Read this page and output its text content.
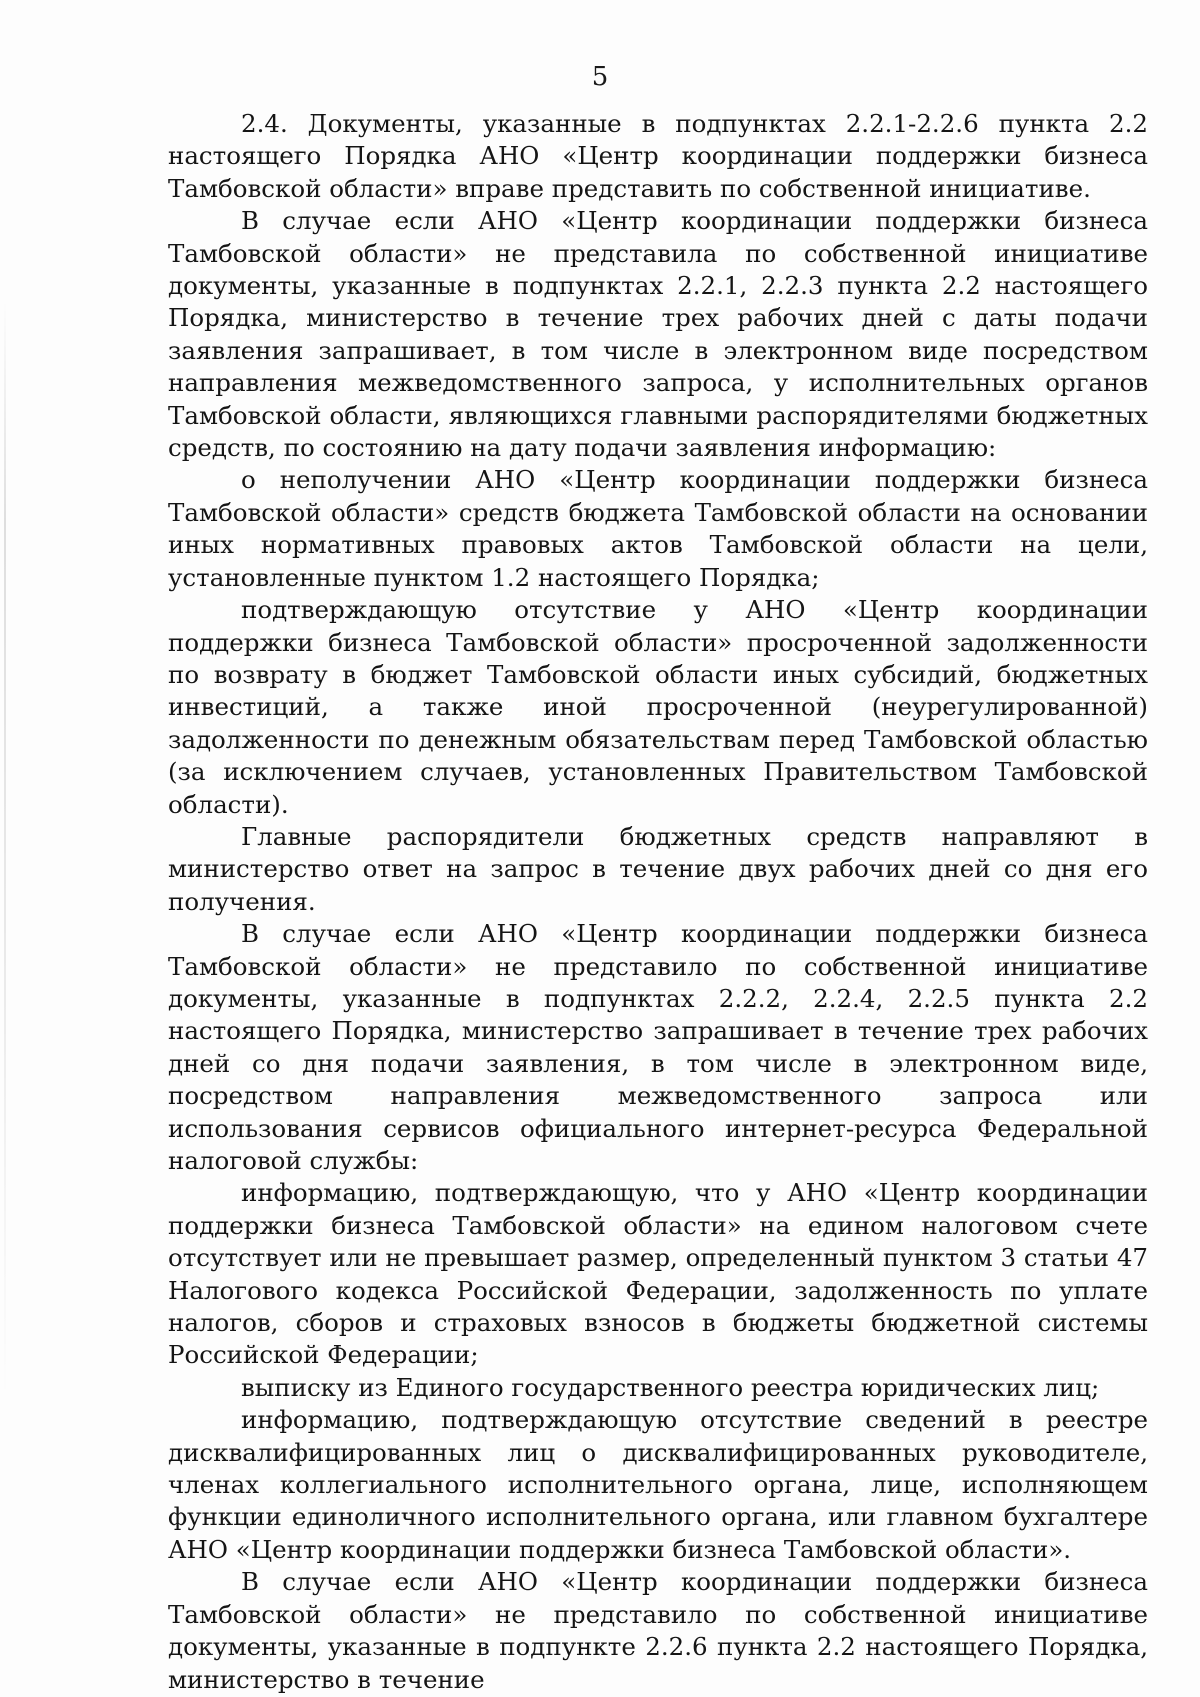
5

2.4. Документы, указанные в подпунктах 2.2.1-2.2.6 пункта 2.2 настоящего Порядка АНО «Центр координации поддержки бизнеса Тамбовской области» вправе представить по собственной инициативе.

В случае если АНО «Центр координации поддержки бизнеса Тамбовской области» не представила по собственной инициативе документы, указанные в подпунктах 2.2.1, 2.2.3 пункта 2.2 настоящего Порядка, министерство в течение трех рабочих дней с даты подачи заявления запрашивает, в том числе в электронном виде посредством направления межведомственного запроса, у исполнительных органов Тамбовской области, являющихся главными распорядителями бюджетных средств, по состоянию на дату подачи заявления информацию:

о неполучении АНО «Центр координации поддержки бизнеса Тамбовской области» средств бюджета Тамбовской области на основании иных нормативных правовых актов Тамбовской области на цели, установленные пунктом 1.2 настоящего Порядка;

подтверждающую отсутствие у АНО «Центр координации поддержки бизнеса Тамбовской области» просроченной задолженности по возврату в бюджет Тамбовской области иных субсидий, бюджетных инвестиций, а также иной просроченной (неурегулированной) задолженности по денежным обязательствам перед Тамбовской областью (за исключением случаев, установленных Правительством Тамбовской области).

Главные распорядители бюджетных средств направляют в министерство ответ на запрос в течение двух рабочих дней со дня его получения.

В случае если АНО «Центр координации поддержки бизнеса Тамбовской области» не представило по собственной инициативе документы, указанные в подпунктах 2.2.2, 2.2.4, 2.2.5 пункта 2.2 настоящего Порядка, министерство запрашивает в течение трех рабочих дней со дня подачи заявления, в том числе в электронном виде, посредством направления межведомственного запроса или использования сервисов официального интернет-ресурса Федеральной налоговой службы:

информацию, подтверждающую, что у АНО «Центр координации поддержки бизнеса Тамбовской области» на едином налоговом счете отсутствует или не превышает размер, определенный пунктом 3 статьи 47 Налогового кодекса Российской Федерации, задолженность по уплате налогов, сборов и страховых взносов в бюджеты бюджетной системы Российской Федерации;

выписку из Единого государственного реестра юридических лиц;

информацию, подтверждающую отсутствие сведений в реестре дисквалифицированных лиц о дисквалифицированных руководителе, членах коллегиального исполнительного органа, лице, исполняющем функции единоличного исполнительного органа, или главном бухгалтере АНО «Центр координации поддержки бизнеса Тамбовской области».

В случае если АНО «Центр координации поддержки бизнеса Тамбовской области» не представило по собственной инициативе документы, указанные в подпункте 2.2.6 пункта 2.2 настоящего Порядка, министерство в течение
